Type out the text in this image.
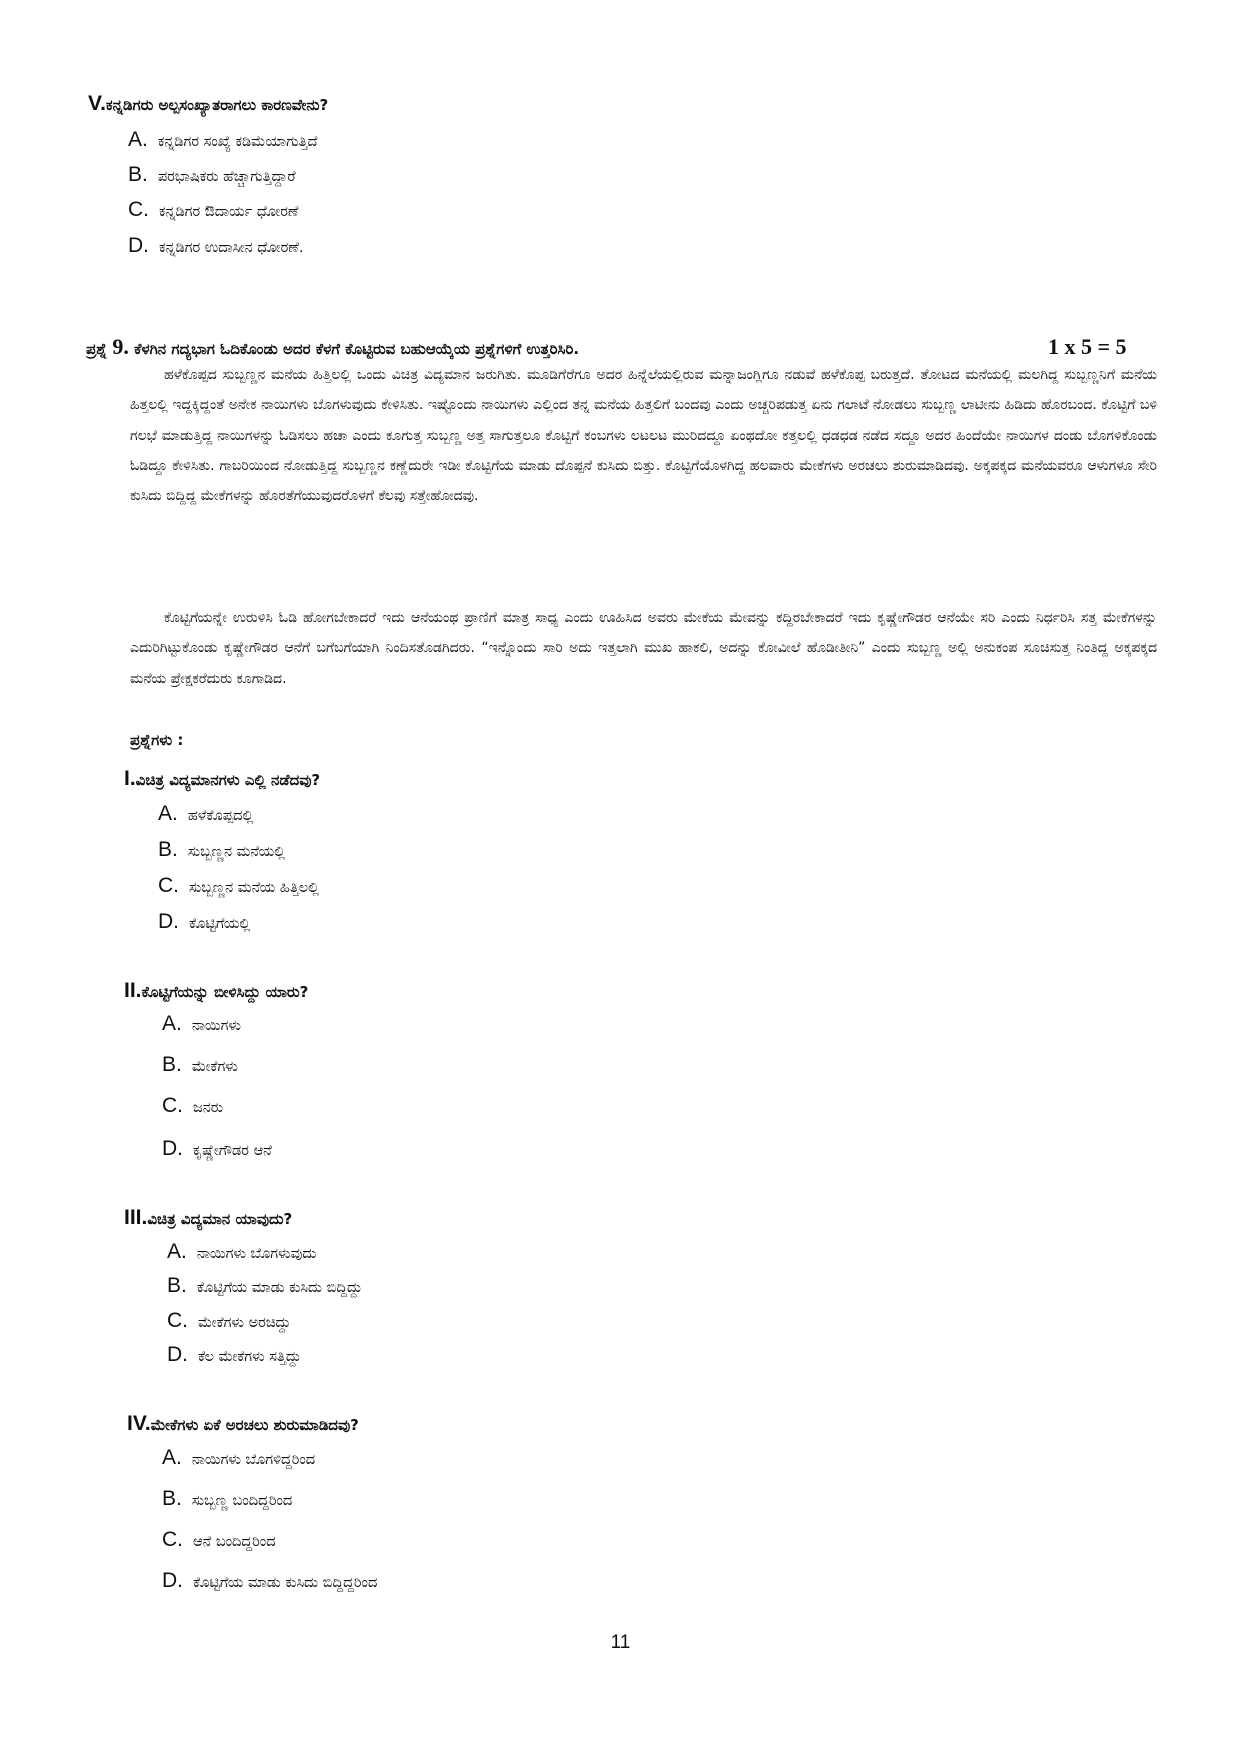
V.ಕನ್ನಡಿಗರು ಅಲ್ಪಸಂಖ್ಯಾತರಾಗಲು ಕಾರಣವೇನು?
A. ಕನ್ನಡಿಗರ ಸಂಖ್ಯೆ ಕಡಿಮೆಯಾಗುತ್ತಿದೆ
B. ಪರಭಾಷಿಕರು ಹೆಚ್ಚಾಗುತ್ತಿದ್ದಾರೆ
C. ಕನ್ನಡಿಗರ ಔದಾರ್ಯ ಧೋರಣೆ
D. ಕನ್ನಡಿಗರ ಉದಾಸೀನ ಧೋರಣೆ.
ಪ್ರಶ್ನೆ 9. ಕೆಳಗಿನ ಗದ್ಯಭಾಗ ಓದಿಕೊಂಡು ಅದರ ಕೆಳಗೆ ಕೊಟ್ಟಿರುವ ಬಹುಆಯ್ಕೆಯ ಪ್ರಶ್ನೆಗಳಿಗೆ ಉತ್ತರಿಸಿರಿ.	1 x 5 = 5

ಹಳೆಕೊಪ್ಪದ ಸುಬ್ಬಣ್ಣನ ಮನೆಯ ಹಿತ್ತಿಲಲ್ಲಿ ಒಂದು ವಿಚಿತ್ರ ವಿದ್ಯಮಾನ ಜರುಗಿತು. ಮೂಡಿಗೆರೆಗೂ ಅದರ ಹಿನ್ನೆಲೆಯಲ್ಲಿರುವ ಮನ್ನಾಜಂಗ್ಲಿಗೂ ನಡುವೆ ಹಳೆಕೊಪ್ಪ ಬರುತ್ತದೆ. ತೋಟದ ಮನೆಯಲ್ಲಿ ಮಲಗಿದ್ದ ಸುಬ್ಬಣ್ಣನಿಗೆ ಮನೆಯ ಹಿತ್ತಲಲ್ಲಿ ಇದ್ದಕ್ಕಿದ್ದಂತೆ ಅನೇಕ ನಾಯಿಗಳು ಬೊಗಳುವುದು ಕೇಳಿಸಿತು. ಇಷ್ಟೊಂದು ನಾಯಿಗಳು ಎಲ್ಲಿಂದ ತನ್ನ ಮನೆಯ ಹಿತ್ತಲಿಗೆ ಬಂದವು ಎಂದು ಅಚ್ಚರಿಪಡುತ್ತ ಏನು ಗಲಾಟೆ ನೋಡಲು ಸುಬ್ಬಣ್ಣ ಲಾಟೀನು ಹಿಡಿದು ಹೊರಬಂದ. ಕೊಟ್ಟಿಗೆ ಬಳಿ ಗಲಭೆ ಮಾಡುತ್ತಿದ್ದ ನಾಯಿಗಳನ್ನು ಓಡಿಸಲು ಹಚಾ ಎಂದು ಕೂಗುತ್ತ ಸುಬ್ಬಣ್ಣ ಅತ್ತ ಸಾಗುತ್ತಲೂ ಕೊಟ್ಟಿಗೆ ಕಂಬಗಳು ಲಟಲಟ ಮುರಿದದ್ದೂ ಏಂಥದೋ ಕತ್ತಲಲ್ಲಿ ಧಡಧಡ ನಡೆದ ಸದ್ದೂ ಅದರ ಹಿಂದೆಯೇ ನಾಯಿಗಳ ದಂಡು ಬೊಗಳಿಕೊಂಡು ಓಡಿದ್ದೂ ಕೇಳಿಸಿತು. ಗಾಬರಿಯಿಂದ ನೋಡುತ್ತಿದ್ದ ಸುಬ್ಬಣ್ಣನ ಕಣ್ಣೆದುರೇ ಇಡೀ ಕೊಟ್ಟಿಗೆಯ ಮಾಡು ದೊಪ್ಪನೆ ಕುಸಿದು ಬಿತ್ತು. ಕೊಟ್ಟಿಗೆಯೊಳಗಿದ್ದ ಹಲವಾರು ಮೇಕೆಗಳು ಅರಚಲು ಶುರುಮಾಡಿದವು. ಅಕ್ಕಪಕ್ಕದ ಮನೆಯವರೂ ಆಳುಗಳೂ ಸೇರಿ ಕುಸಿದು ಬಿದ್ದಿದ್ದ ಮೇಕೆಗಳನ್ನು ಹೊರತೆಗೆಯುವುದರೊಳಗೆ ಕೆಲವು ಸತ್ತೇಹೋದವು.

ಕೊಟ್ಟಿಗೆಯನ್ನೇ ಉರುಳಿಸಿ ಓಡಿ ಹೋಗಬೇಕಾದರೆ ಇದು ಆನೆಯಂಥ ಪ್ರಾಣಿಗೆ ಮಾತ್ರ ಸಾಧ್ಯ ಎಂದು ಊಹಿಸಿದ ಅವರು ಮೇಕೆಯ ಮೇವನ್ನು ಕದ್ದಿರಬೇಕಾದರೆ ಇದು ಕೃಷ್ಣೇಗೌಡರ ಆನೆಯೇ ಸರಿ ಎಂದು ನಿರ್ಧರಿಸಿ ಸತ್ತ ಮೇಕೆಗಳನ್ನು ಎದುರಿಗಿಟ್ಟುಕೊಂಡು ಕೃಷ್ಣೇಗೌಡರ ಆನೆಗೆ ಬಗೆಬಗೆಯಾಗಿ ನಿಂದಿಸತೊಡಗಿದರು. “ಇನ್ನೊಂದು ಸಾರಿ ಅದು ಇತ್ತಲಾಗಿ ಮುಖ ಹಾಕಲಿ, ಅದನ್ನು ಕೋವೀಲೆ ಹೊಡೀತೀನಿ” ಎಂದು ಸುಬ್ಬಣ್ಣ ಅಲ್ಲಿ ಅನುಕಂಪ ಸೂಚಿಸುತ್ತ ನಿಂತಿದ್ದ ಅಕ್ಕಪಕ್ಕದ ಮನೆಯ ಪ್ರೇಕ್ಷಕರೆದುರು ಕೂಗಾಡಿದ.

ಪ್ರಶ್ನೆಗಳು :
I.ವಿಚಿತ್ರ ವಿದ್ಯಮಾನಗಳು ಎಲ್ಲಿ ನಡೆದವು?
A. ಹಳೆಕೊಪ್ಪದಲ್ಲಿ
B. ಸುಬ್ಬಣ್ಣನ ಮನೆಯಲ್ಲಿ
C. ಸುಬ್ಬಣ್ಣನ ಮನೆಯ ಹಿತ್ತಿಲಲ್ಲಿ
D. ಕೊಟ್ಟಿಗೆಯಲ್ಲಿ
II.ಕೊಟ್ಟಿಗೆಯನ್ನು ಬೀಳಿಸಿದ್ದು ಯಾರು?
A. ನಾಯಿಗಳು
B. ಮೇಕೆಗಳು
C. ಜನರು
D. ಕೃಷ್ಣೇಗೌಡರ ಆನೆ
III.ವಿಚಿತ್ರ ವಿದ್ಯಮಾನ ಯಾವುದು?
A. ನಾಯಿಗಳು ಬೊಗಳುವುದು
B. ಕೊಟ್ಟಿಗೆಯ ಮಾಡು ಕುಸಿದು ಬಿದ್ದಿದ್ದು
C. ಮೇಕೆಗಳು ಅರಚಿದ್ದು
D. ಕೆಲ ಮೇಕೆಗಳು ಸತ್ತಿದ್ದು
IV.ಮೇಕೆಗಳು ಏಕೆ ಅರಚಲು ಶುರುಮಾಡಿದವು?
A. ನಾಯಿಗಳು ಬೊಗಳಿದ್ದರಿಂದ
B. ಸುಬ್ಬಣ್ಣ ಬಂದಿದ್ದರಿಂದ
C. ಆನೆ ಬಂದಿದ್ದರಿಂದ
D. ಕೊಟ್ಟಿಗೆಯ ಮಾಡು ಕುಸಿದು ಬಿದ್ದಿದ್ದರಿಂದ
11
